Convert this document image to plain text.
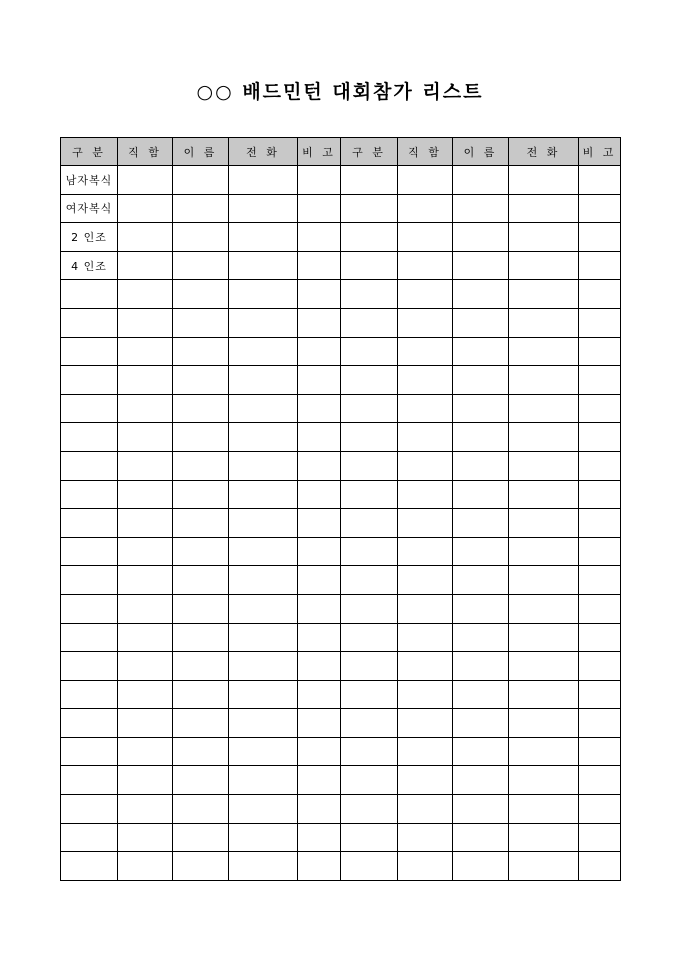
○○ 배드민턴 대회참가 리스트
구 분	직 함	이 름	전 화	비 고	구 분	직 함	이 름	전 화	비 고
남자복식									
여자복식									
2 인조									
4 인조									
